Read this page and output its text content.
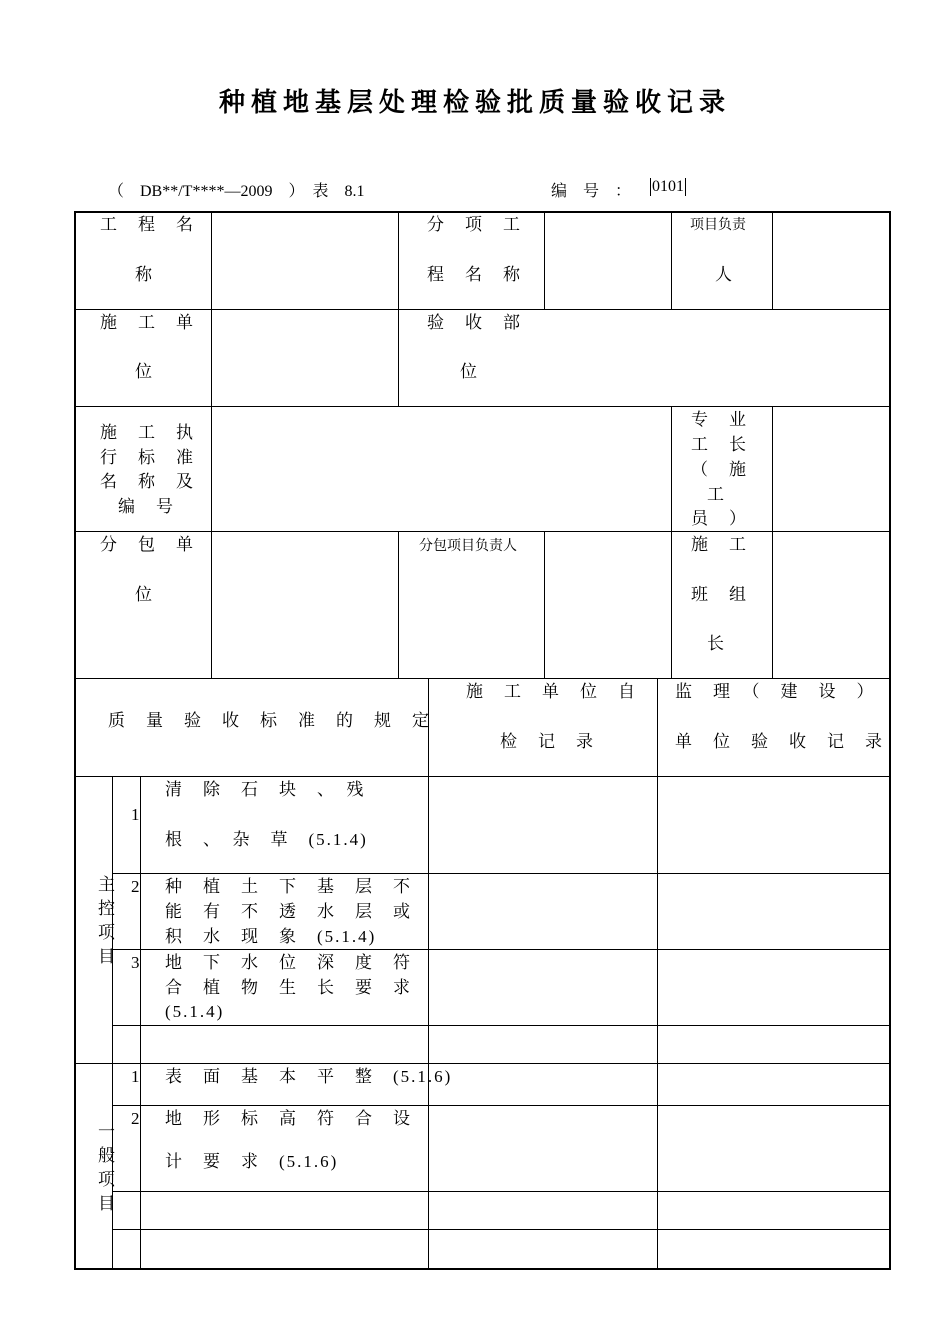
种植地基层处理检验批质量验收记录
（　DB**/T****—2009　）　表　8.1	编　号　： 0101
工　程　名
称
分　项　工
程　名　称
项目负责
人
施　工　单
位
验　收　部
位
施　工　执
行　标　准
名　称　及
编　号
专　业
工　长
（　施
工
员　）
分　包　单
位
分包项目负责人	施　工
班　组
长
质　量　验　收　标　准　的　规　定
施　工　单　位　自
检　记　录
监　理　（　建　设　）
单　位　验　收　记　录
主控项目
1
清　除　石　块　、　残
根　、　杂　草　(5.1.4)
2 种　植　土　下　基　层　不
能　有　不　透　水　层　或
积　水　现　象　(5.1.4)
3 地　下　水　位　深　度　符
合　植　物　生　长　要　求
(5.1.4)
一般项目
1 表　面　基　本　平　整　(5.1.6)
2 地　形　标　高　符　合　设
计　要　求　(5.1.6)
